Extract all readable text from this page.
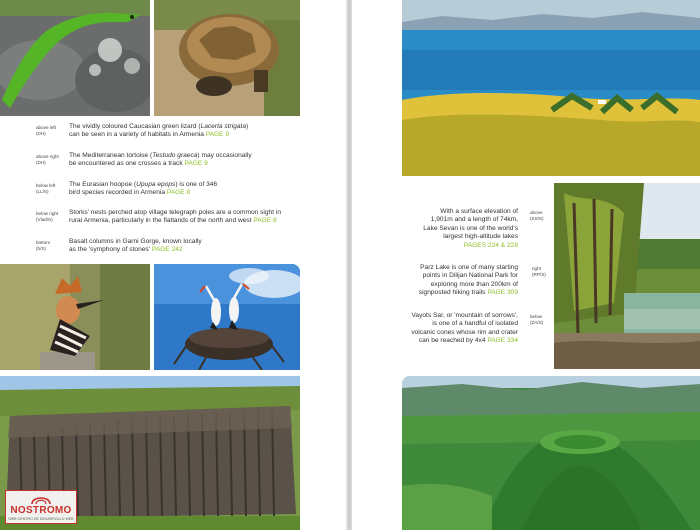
above left
(DH)
The vividly coloured Caucasian green lizard (Lacerta strigata)
can be seen in a variety of habitats in Armenia PAGE 9
above right
(DH)
The Mediterranean tortoise (Testudo graeca) may occasionally
be encountered as one crosses a track PAGE 9
below left
(LL/S)
The Eurasian hoopoe (Upupa epops) is one of 346
bird species recorded in Armenia PAGE 8
below right
(Vlad/S)
Storks' nests perched atop village telegraph poles are a common sight in
rural Armenia, particularly in the flatlands of the north and west PAGE 8
bottom
(b/S)
Basalt columns in Garni Gorge, known locally
as the 'symphony of stones' PAGE 242
NOSTROMO
WEB·CENTRO DE DESARROLLO WEB
With a surface elevation of
1,901m and a length of 74km,
Lake Sevan is one of the world's
largest high-altitude lakes
PAGES 224 & 228
above
(SS/S)
Parz Lake is one of many starting
points in Dilijan National Park for
exploring more than 200km of
signposted hiking trails PAGE 309
right
(RP/S)
Vayots Sar, or 'mountain of sorrows',
is one of a handful of isolated
volcanic cones whose rim and crater
can be reached by 4x4 PAGE 334
below
(ZA/S)
